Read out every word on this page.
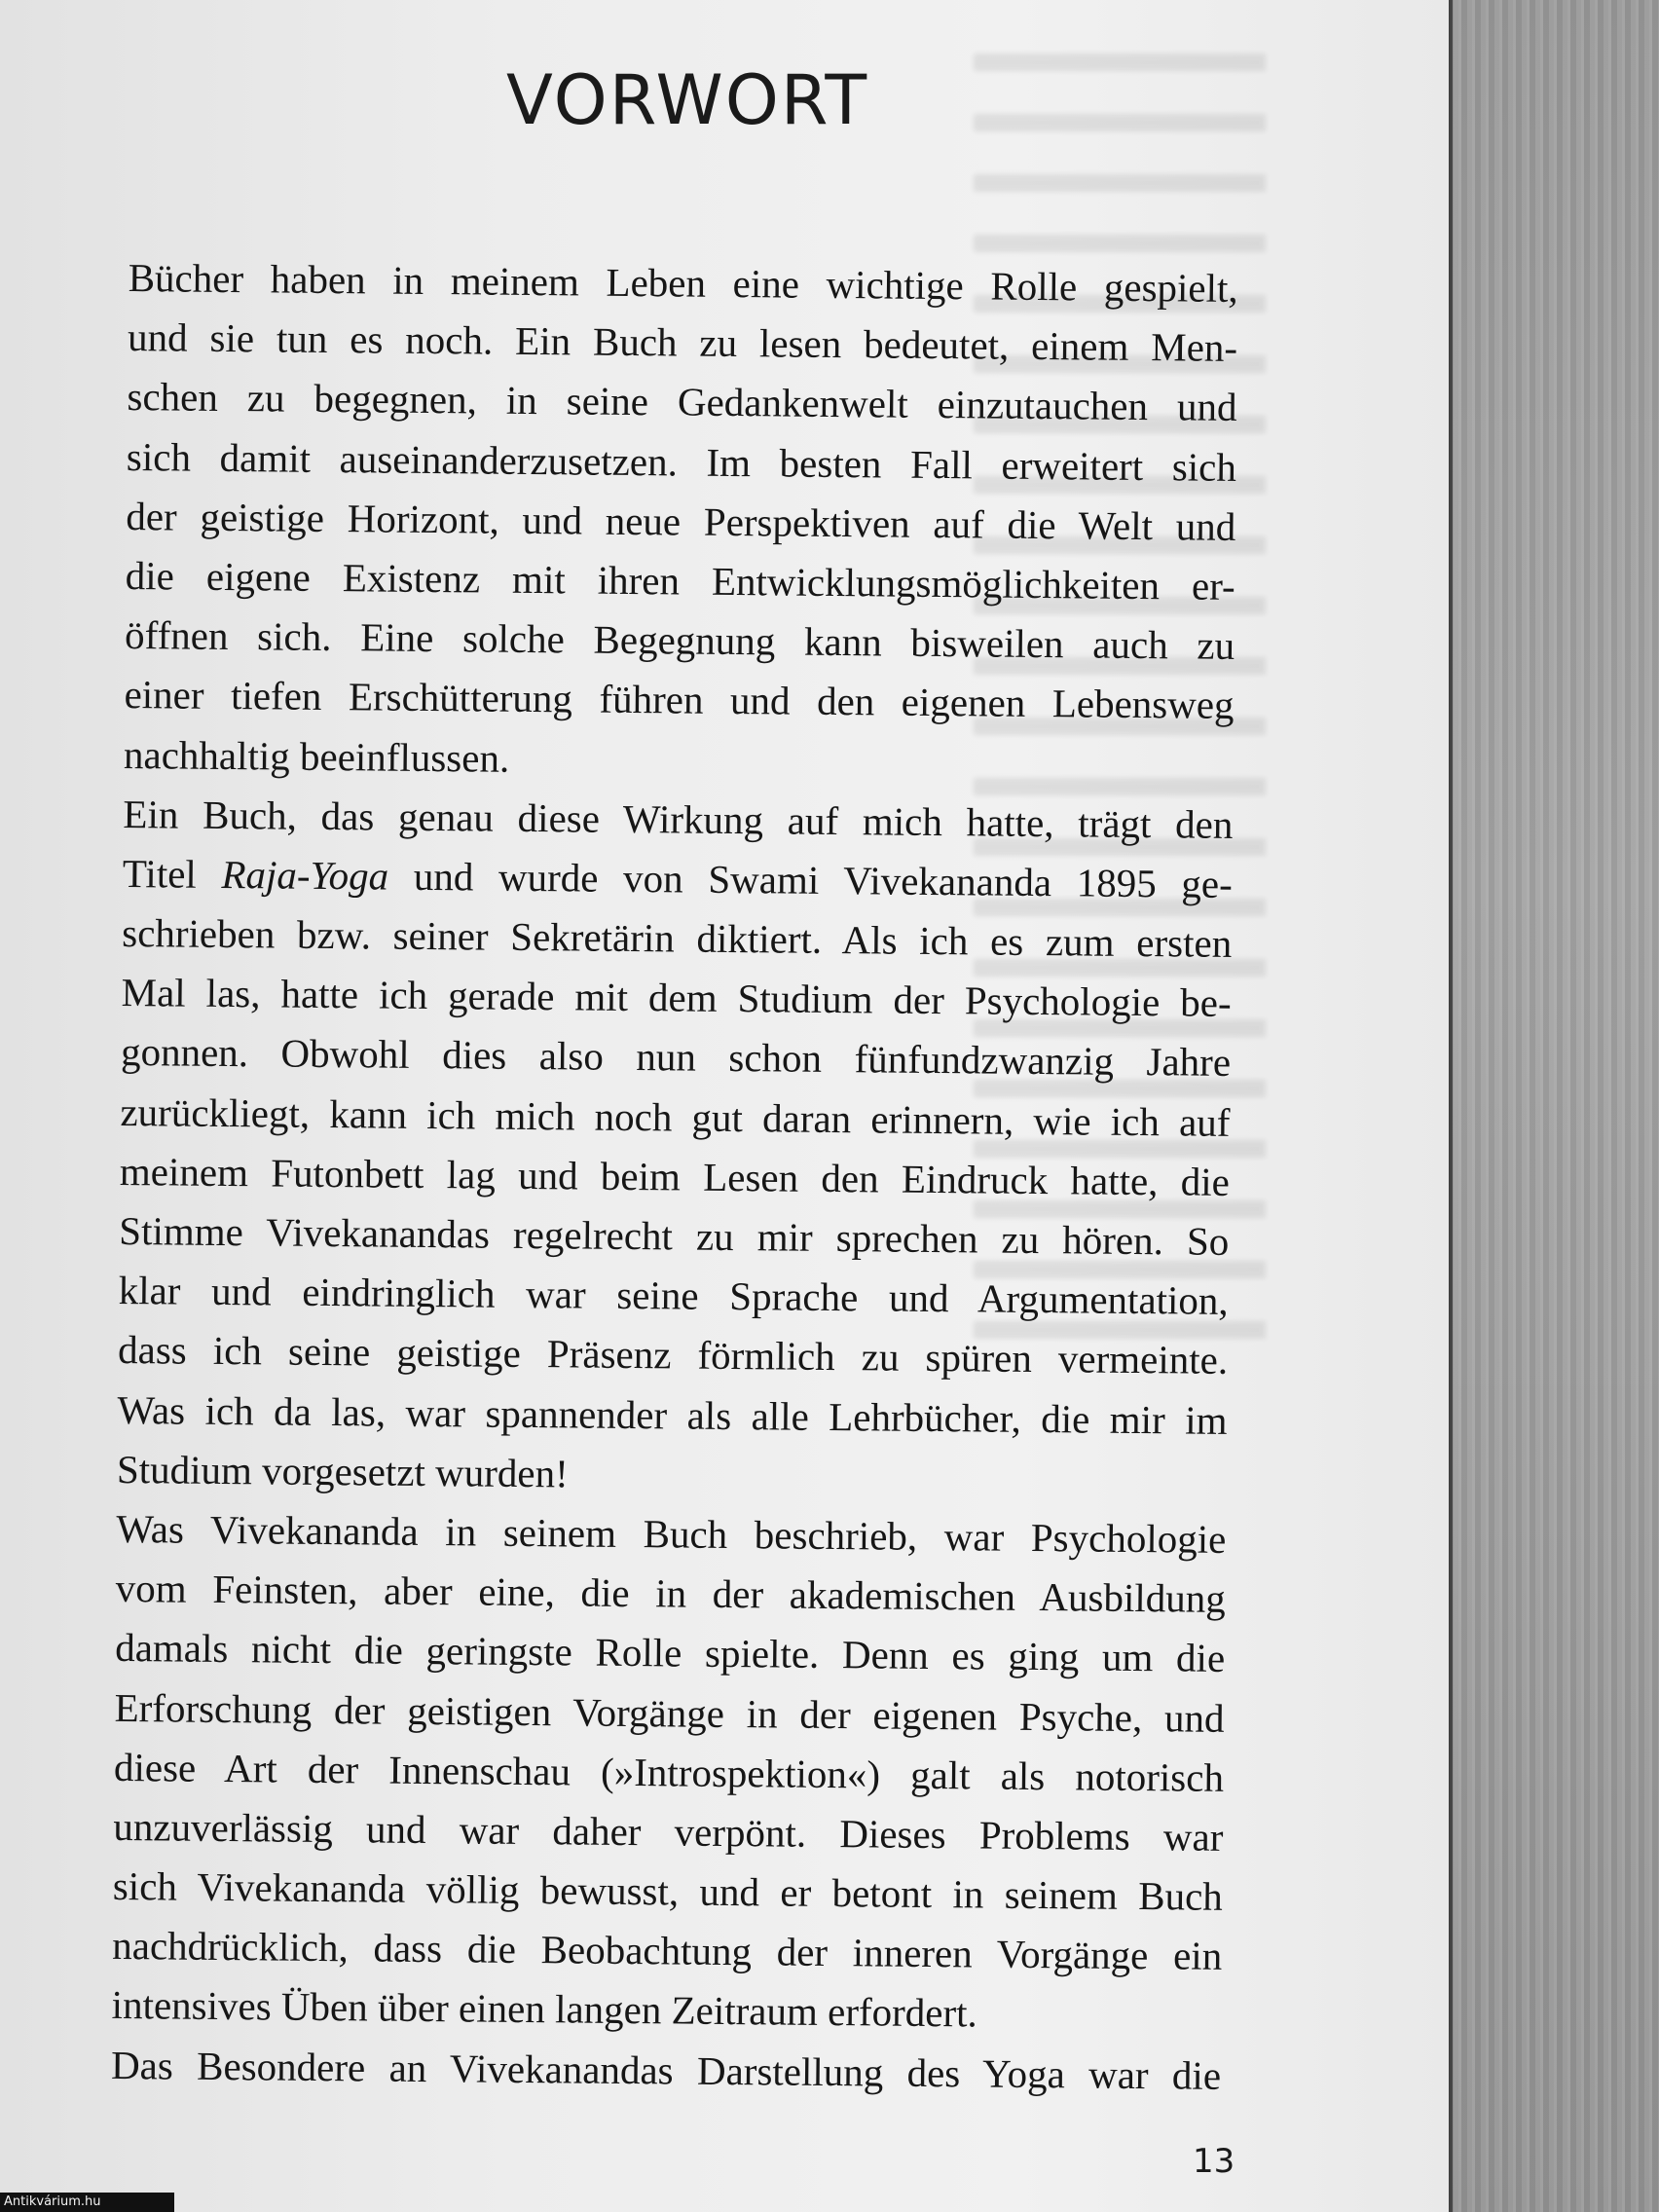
VORWORT
Bücher haben in meinem Leben eine wichtige Rolle gespielt,
und sie tun es noch. Ein Buch zu lesen bedeutet, einem Men-
schen zu begegnen, in seine Gedankenwelt einzutauchen und
sich damit auseinanderzusetzen. Im besten Fall erweitert sich
der geistige Horizont, und neue Perspektiven auf die Welt und
die eigene Existenz mit ihren Entwicklungsmöglichkeiten er-
öffnen sich. Eine solche Begegnung kann bisweilen auch zu
einer tiefen Erschütterung führen und den eigenen Lebensweg
nachhaltig beeinflussen.
Ein Buch, das genau diese Wirkung auf mich hatte, trägt den
Titel Raja-Yoga und wurde von Swami Vivekananda 1895 ge-
schrieben bzw. seiner Sekretärin diktiert. Als ich es zum ersten
Mal las, hatte ich gerade mit dem Studium der Psychologie be-
gonnen. Obwohl dies also nun schon fünfundzwanzig Jahre
zurückliegt, kann ich mich noch gut daran erinnern, wie ich auf
meinem Futonbett lag und beim Lesen den Eindruck hatte, die
Stimme Vivekanandas regelrecht zu mir sprechen zu hören. So
klar und eindringlich war seine Sprache und Argumentation,
dass ich seine geistige Präsenz förmlich zu spüren vermeinte.
Was ich da las, war spannender als alle Lehrbücher, die mir im
Studium vorgesetzt wurden!
Was Vivekananda in seinem Buch beschrieb, war Psychologie
vom Feinsten, aber eine, die in der akademischen Ausbildung
damals nicht die geringste Rolle spielte. Denn es ging um die
Erforschung der geistigen Vorgänge in der eigenen Psyche, und
diese Art der Innenschau (»Introspektion«) galt als notorisch
unzuverlässig und war daher verpönt. Dieses Problems war
sich Vivekananda völlig bewusst, und er betont in seinem Buch
nachdrücklich, dass die Beobachtung der inneren Vorgänge ein
intensives Üben über einen langen Zeitraum erfordert.
Das Besondere an Vivekanandas Darstellung des Yoga war die

13

Antikvárium.hu
